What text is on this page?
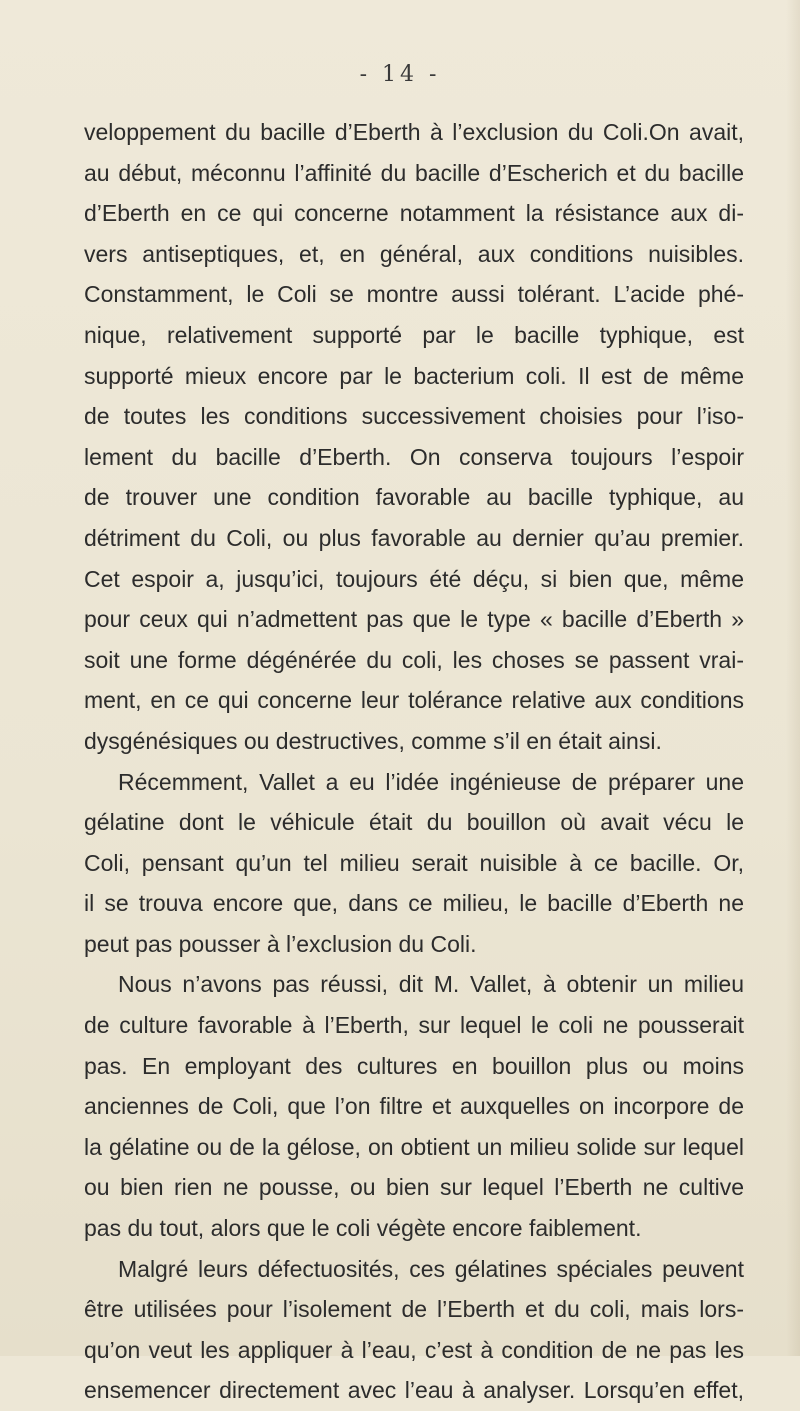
- 14 -
veloppement du bacille d’Eberth à l’exclusion du Coli.On avait,
au début, méconnu l’affinité du bacille d’Escherich et du bacille
d’Eberth en ce qui concerne notamment la résistance aux di-
vers antiseptiques, et, en général, aux conditions nuisibles.
Constamment, le Coli se montre aussi tolérant. L’acide phé-
nique, relativement supporté par le bacille typhique, est
supporté mieux encore par le bacterium coli. Il est de même
de toutes les conditions successivement choisies pour l’iso-
lement du bacille d’Eberth. On conserva toujours l’espoir
de trouver une condition favorable au bacille typhique, au
détriment du Coli, ou plus favorable au dernier qu’au premier.
Cet espoir a, jusqu’ici, toujours été déçu, si bien que, même
pour ceux qui n’admettent pas que le type « bacille d’Eberth »
soit une forme dégénérée du coli, les choses se passent vrai-
ment, en ce qui concerne leur tolérance relative aux conditions
dysgénésiques ou destructives, comme s’il en était ainsi.
Récemment, Vallet a eu l’idée ingénieuse de préparer une
gélatine dont le véhicule était du bouillon où avait vécu le
Coli, pensant qu’un tel milieu serait nuisible à ce bacille. Or,
il se trouva encore que, dans ce milieu, le bacille d’Eberth ne
peut pas pousser à l’exclusion du Coli.
Nous n’avons pas réussi, dit M. Vallet, à obtenir un milieu
de culture favorable à l’Eberth, sur lequel le coli ne pousserait
pas. En employant des cultures en bouillon plus ou moins
anciennes de Coli, que l’on filtre et auxquelles on incorpore de
la gélatine ou de la gélose, on obtient un milieu solide sur lequel
ou bien rien ne pousse, ou bien sur lequel l’Eberth ne cultive
pas du tout, alors que le coli végète encore faiblement.
Malgré leurs défectuosités, ces gélatines spéciales peuvent
être utilisées pour l’isolement de l’Eberth et du coli, mais lors-
qu’on veut les appliquer à l’eau, c’est à condition de ne pas les
ensemencer directement avec l’eau à analyser. Lorsqu’en effet,
